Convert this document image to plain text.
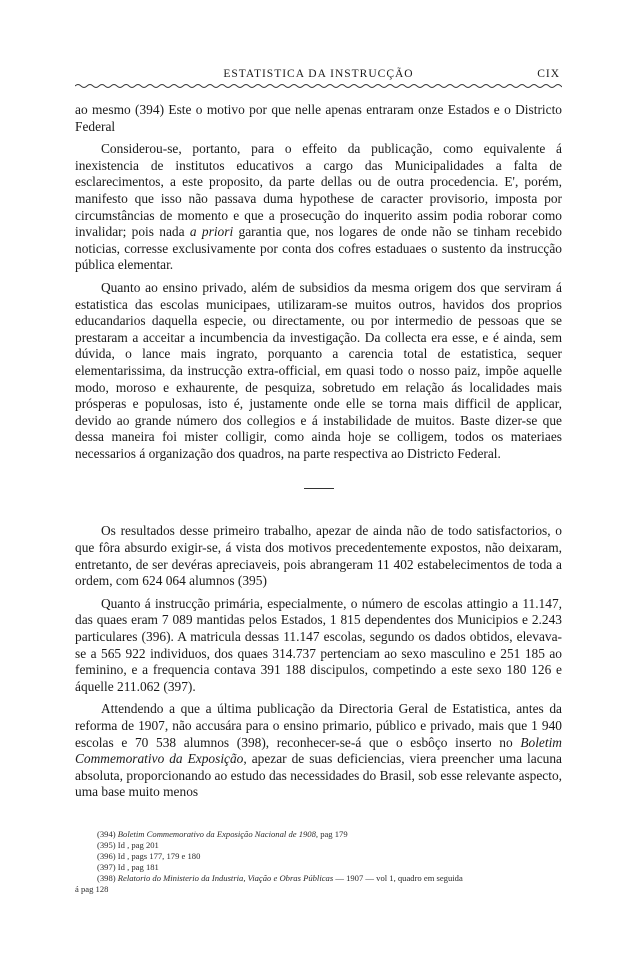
ESTATISTICA DA INSTRUCÇÃO	CIX

ao mesmo (394) Este o motivo por que nelle apenas entraram onze Estados e o Districto Federal

Considerou-se, portanto, para o effeito da publicação, como equivalente á inexistencia de institutos educativos a cargo das Municipalidades a falta de esclarecimentos, a este proposito, da parte dellas ou de outra procedencia. E', porém, manifesto que isso não passava duma hypothese de caracter provisorio, imposta por circumstâncias de momento e que a prosecução do inquerito assim podia roborar como invalidar; pois nada a priori garantia que, nos logares de onde não se tinham recebido noticias, corresse exclusivamente por conta dos cofres estaduaes o sustento da instrucção pública elementar.

Quanto ao ensino privado, além de subsidios da mesma origem dos que serviram á estatistica das escolas municipaes, utilizaram-se muitos outros, havidos dos proprios educandarios daquella especie, ou directamente, ou por intermedio de pessoas que se prestaram a acceitar a incumbencia da investigação. Da collecta era esse, e é ainda, sem dúvida, o lance mais ingrato, porquanto a carencia total de estatistica, sequer elementarissima, da instrucção extra-official, em quasi todo o nosso paiz, impõe aquelle modo, moroso e exhaurente, de pesquiza, sobretudo em relação ás localidades mais prósperas e populosas, isto é, justamente onde elle se torna mais difficil de applicar, devido ao grande número dos collegios e á instabilidade de muitos. Baste dizer-se que dessa maneira foi mister colligir, como ainda hoje se colligem, todos os materiaes necessarios á organização dos quadros, na parte respectiva ao Districto Federal.

Os resultados desse primeiro trabalho, apezar de ainda não de todo satisfactorios, o que fôra absurdo exigir-se, á vista dos motivos precedentemente expostos, não deixaram, entretanto, de ser devéras apreciaveis, pois abrangeram 11 402 estabelecimentos de toda a ordem, com 624 064 alumnos (395)

Quanto á instrucção primária, especialmente, o número de escolas attingio a 11.147, das quaes eram 7 089 mantidas pelos Estados, 1 815 dependentes dos Municipios e 2.243 particulares (396). A matricula dessas 11.147 escolas, segundo os dados obtidos, elevava-se a 565 922 individuos, dos quaes 314.737 pertenciam ao sexo masculino e 251 185 ao feminino, e a frequencia contava 391 188 discipulos, competindo a este sexo 180 126 e áquelle 211.062 (397).

Attendendo a que a última publicação da Directoria Geral de Estatistica, antes da reforma de 1907, não accusára para o ensino primario, público e privado, mais que 1 940 escolas e 70 538 alumnos (398), reconhecer-se-á que o esbôço inserto no Boletim Commemorativo da Exposição, apezar de suas deficiencias, viera preencher uma lacuna absoluta, proporcionando ao estudo das necessidades do Brasil, sob esse relevante aspecto, uma base muito menos

(394) Boletim Commemorativo da Exposição Nacional de 1908, pag 179

(395) Id , pag 201

(396) Id , pags 177, 179 e 180

(397) Id , pag 181

(398) Relatorio do Ministerio da Industria, Viação e Obras Públicas — 1907 — vol 1, quadro em seguida

á pag 128
